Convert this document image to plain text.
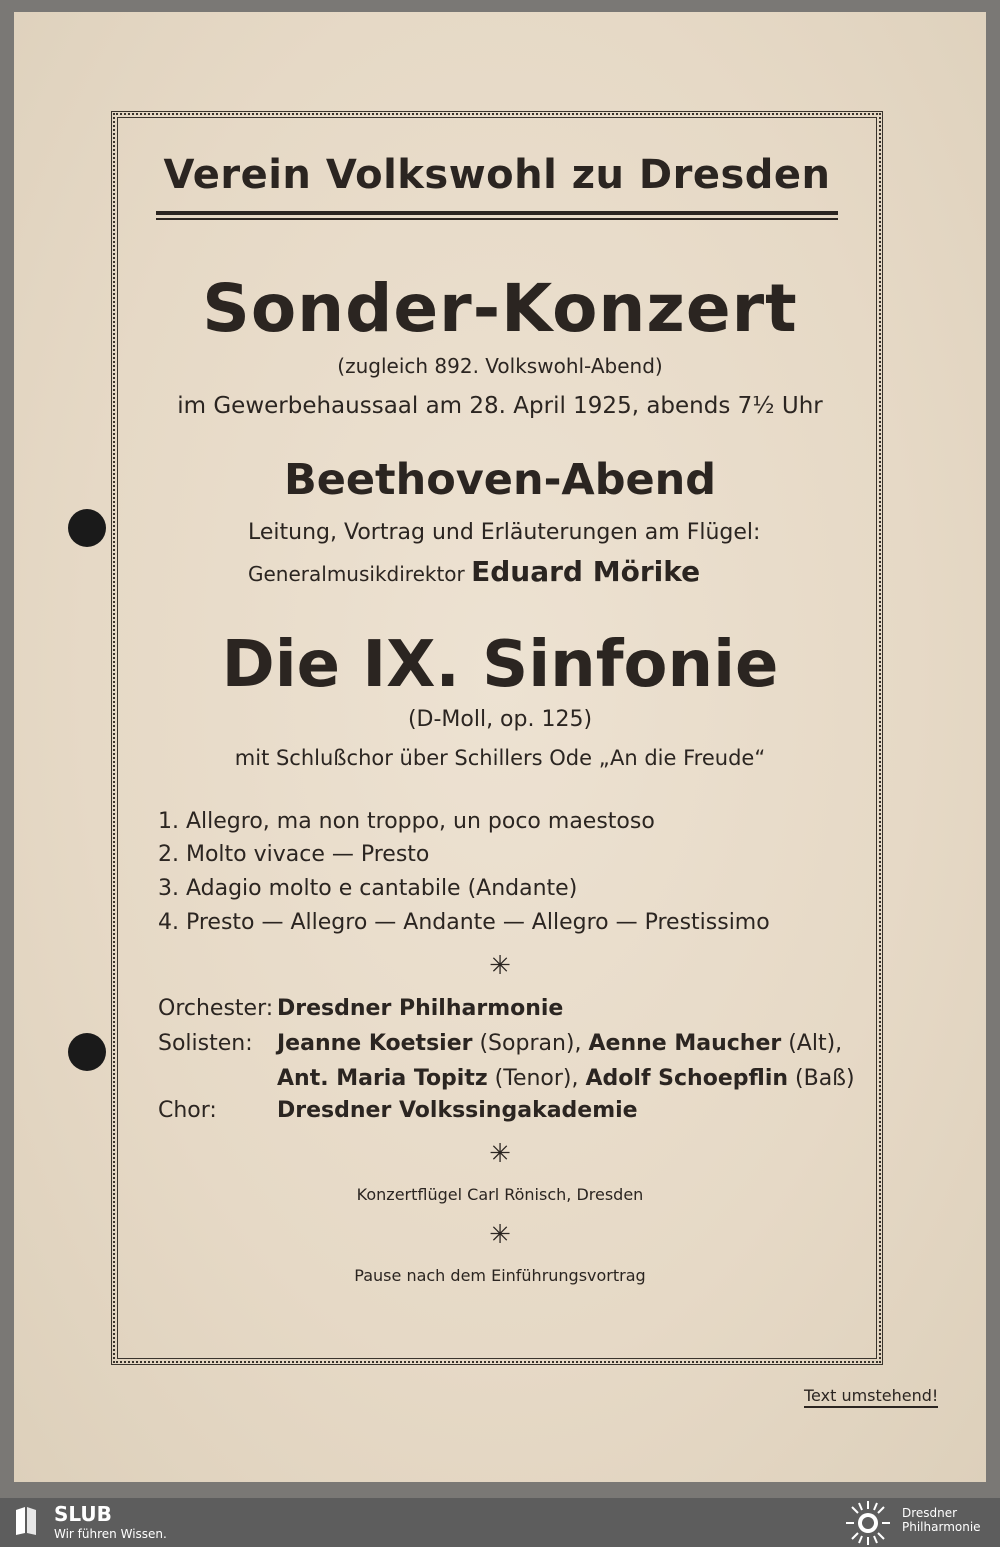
Verein Volkswohl zu Dresden
Sonder-Konzert
(zugleich 892. Volkswohl-Abend)
im Gewerbehaussaal am 28. April 1925, abends 7½ Uhr
Beethoven-Abend
Leitung, Vortrag und Erläuterungen am Flügel:
Generalmusikdirektor Eduard Mörike
Die IX. Sinfonie
(D-Moll, op. 125)
mit Schlußchor über Schillers Ode „An die Freude“
1. Allegro, ma non troppo, un poco maestoso
2. Molto vivace — Presto
3. Adagio molto e cantabile (Andante)
4. Presto — Allegro — Andante — Allegro — Prestissimo
✳
Orchester: Dresdner Philharmonie
Solisten: Jeanne Koetsier (Sopran), Aenne Maucher (Alt),
Ant. Maria Topitz (Tenor), Adolf Schoepflin (Baß)
Chor:	Dresdner Volkssingakademie
✳
Konzertflügel Carl Rönisch, Dresden
✳
Pause nach dem Einführungsvortrag
Text umstehend!
SLUB
Wir führen Wissen.
Dresdner
Philharmonie
